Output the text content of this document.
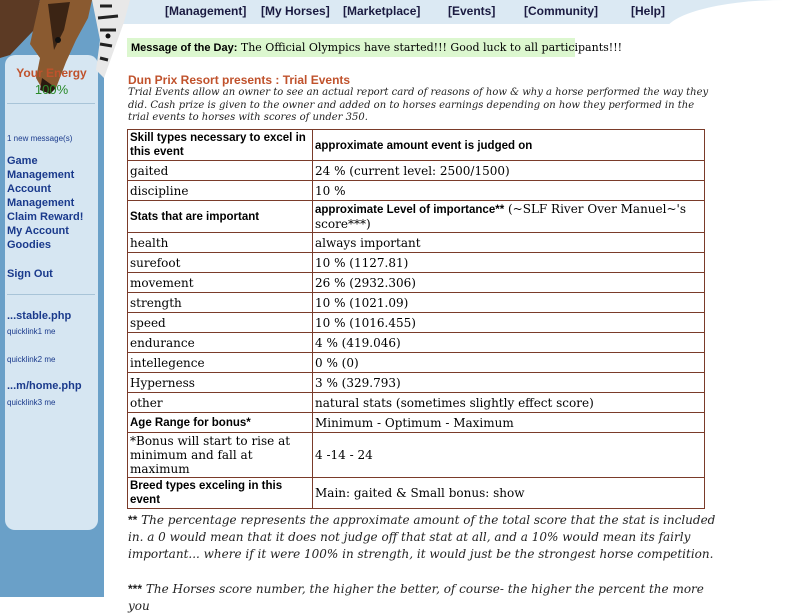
Your Energy
100%
1 new message(s)
Game Management
Account Management
Claim Reward!
My Account Goodies
Sign Out
...stable.php
quicklink1 me
quicklink2 me
...m/home.php
quicklink3 me
[Management] [My Horses] [Marketplace] [Events] [Community]	[Help]
Message of the Day: The Official Olympics have started!!! Good luck to all participants!!!
Dun Prix Resort presents : Trial Events
Trial Events allow an owner to see an actual report card of reasons of how & why a horse performed the way they did. Cash prize is given to the owner and added on to horses earnings depending on how they performed in the trial events to horses with scores of under 350.
Skill types necessary to excel in this event	approximate amount event is judged on
gaited	24 % (current level: 2500/1500)
discipline	10 %
Stats that are important	approximate Level of importance** (~SLF River Over Manuel~'s score***)
health	always important
surefoot	10 % (1127.81)
movement	26 % (2932.306)
strength	10 % (1021.09)
speed	10 % (1016.455)
endurance	4 % (419.046)
intellegence	0 % (0)
Hyperness	3 % (329.793)
other	natural stats (sometimes slightly effect score)
Age Range for bonus*	Minimum - Optimum - Maximum
*Bonus will start to rise at minimum and fall at maximum	4 -14 - 24
Breed types exceling in this event	Main: gaited & Small bonus: show
** The percentage represents the approximate amount of the total score that the stat is included in. a 0 would mean that it does not judge off that stat at all, and a 10% would mean its fairly important... where if it were 100% in strength, it would just be the strongest horse competition.
*** The Horses score number, the higher the better, of course- the higher the percent the more you
